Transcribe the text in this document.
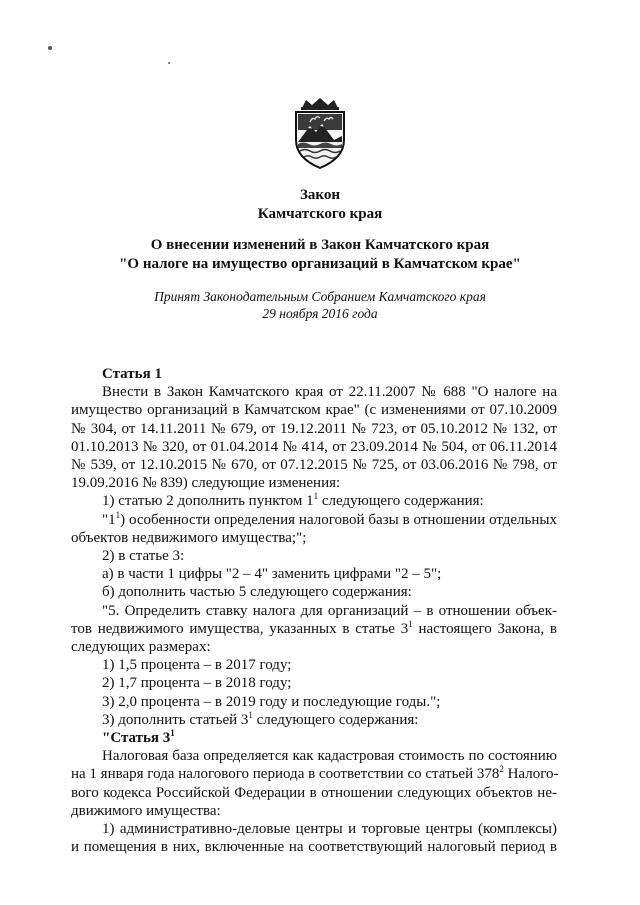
Закон
Камчатского края
О внесении изменений в Закон Камчатского края
"О налоге на имущество организаций в Камчатском крае"
Принят Законодательным Собранием Камчатского края
29 ноября 2016 года

Статья 1

Внести в Закон Камчатского края от 22.11.2007 № 688 "О налоге на

имущество организаций в Камчатском крае" (с изменениями от 07.10.2009

№ 304, от 14.11.2011 № 679, от 19.12.2011 № 723, от 05.10.2012 № 132, от

01.10.2013 № 320, от 01.04.2014 № 414, от 23.09.2014 № 504, от 06.11.2014

№ 539, от 12.10.2015 № 670, от 07.12.2015 № 725, от 03.06.2016 № 798, от

19.09.2016 № 839) следующие изменения:

1) статью 2 дополнить пунктом $1^1$ следующего содержания:

"$1^1$) особенности определения налоговой базы в отношении отдельных

объектов недвижимого имущества;";

2) в статье 3:

а) в части 1 цифры "2 – 4" заменить цифрами "2 – 5";

б) дополнить частью 5 следующего содержания:

"5. Определить ставку налога для организаций – в отношении объек-

тов недвижимого имущества, указанных в статье $3^1$ настоящего Закона, в

следующих размерах:

1) 1,5 процента – в 2017 году;

2) 1,7 процента – в 2018 году;

3) 2,0 процента – в 2019 году и последующие годы.";

3) дополнить статьей $3^1$ следующего содержания:

"Статья $3^1$

Налоговая база определяется как кадастровая стоимость по состоянию

на 1 января года налогового периода в соответствии со статьей $378^2$ Налого-

вого кодекса Российской Федерации в отношении следующих объектов не-

движимого имущества:

1) административно-деловые центры и торговые центры (комплексы)

и помещения в них, включенные на соответствующий налоговый период в
